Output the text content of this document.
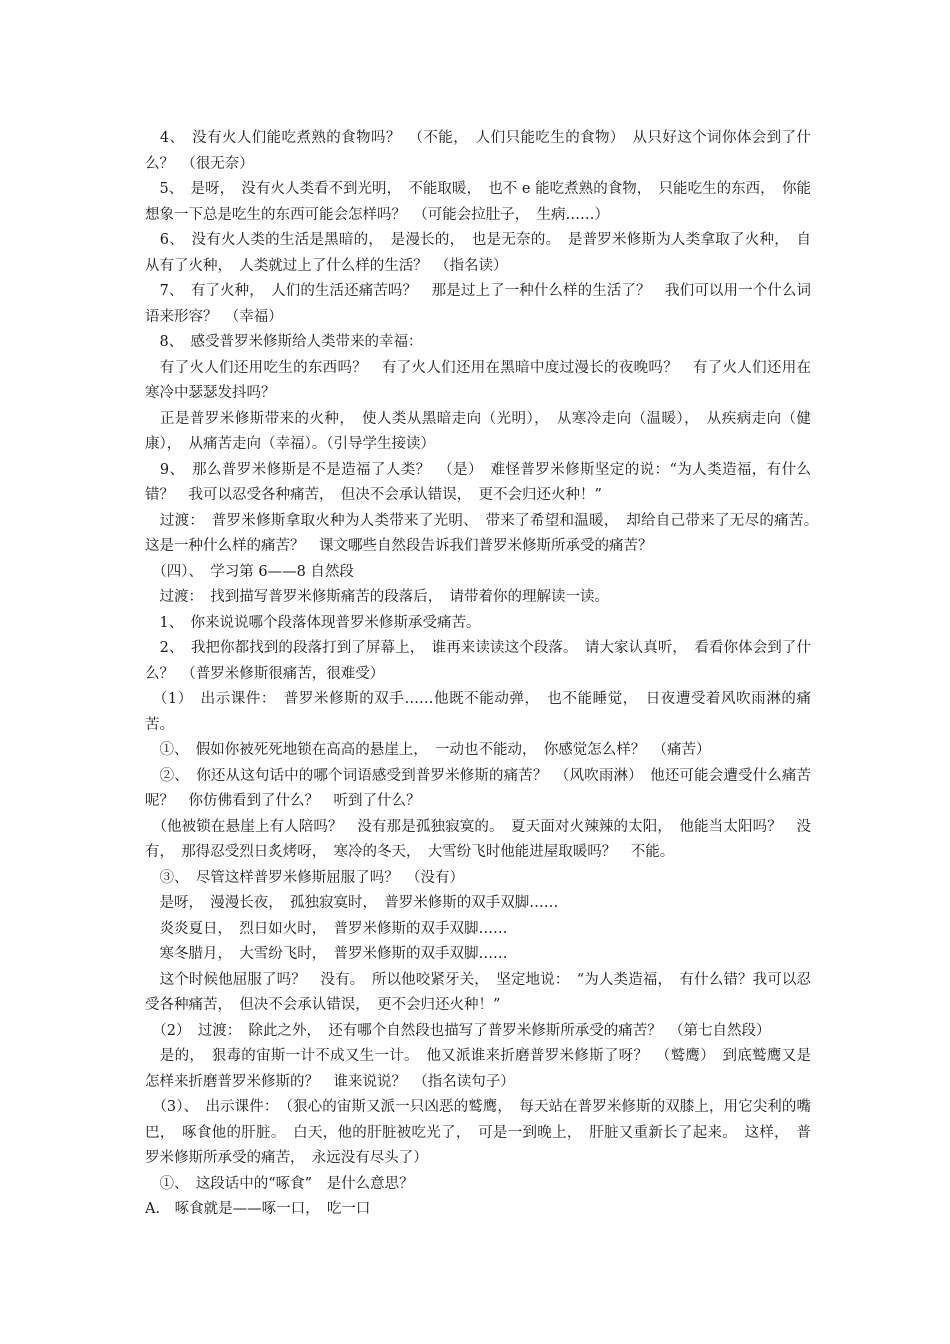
　4、　没有火人们能吃煮熟的食物吗？　（不能，　人们只能吃生的食物）　从只好这个词你体会到了什么？　（很无奈）

　5、　是呀，　没有火人类看不到光明，　不能取暖，　也不 e 能吃煮熟的食物，　只能吃生的东西，　你能想象一下总是吃生的东西可能会怎样吗？　（可能会拉肚子，　生病……）

　6、　没有火人类的生活是黑暗的，　是漫长的，　也是无奈的。　是普罗米修斯为人类拿取了火种，　自从有了火种，　人类就过上了什么样的生活？　（指名读）

　7、　有了火种，　人们的生活还痛苦吗？　那是过上了一种什么样的生活了？　我们可以用一个什么词语来形容？　（幸福）

　8、　感受普罗米修斯给人类带来的幸福：

　有了火人们还用吃生的东西吗？　有了火人们还用在黑暗中度过漫长的夜晚吗？　有了火人们还用在寒冷中瑟瑟发抖吗？

　正是普罗米修斯带来的火种，　使人类从黑暗走向（光明），　从寒冷走向（温暖），　从疾病走向（健康），　从痛苦走向（幸福）。（引导学生接读）

　9、　那么普罗米修斯是不是造福了人类？　（是）　难怪普罗米修斯坚定的说：“为人类造福，有什么错？　我可以忍受各种痛苦，　但决不会承认错误，　更不会归还火种！”

　过渡：　普罗米修斯拿取火种为人类带来了光明、　带来了希望和温暖，　却给自己带来了无尽的痛苦。　这是一种什么样的痛苦？　课文哪些自然段告诉我们普罗米修斯所承受的痛苦？

　（四）、　学习第 6——8 自然段

　过渡：　找到描写普罗米修斯痛苦的段落后，　请带着你的理解读一读。

　1、　你来说说哪个段落体现普罗米修斯承受痛苦。

　2、　我把你都找到的段落打到了屏幕上，　谁再来读读这个段落。　请大家认真听，　看看你体会到了什么？　（普罗米修斯很痛苦，很难受）

　（1）　出示课件：　普罗米修斯的双手……他既不能动弹，　也不能睡觉，　日夜遭受着风吹雨淋的痛苦。

　①、　假如你被死死地锁在高高的悬崖上，　一动也不能动，　你感觉怎么样？　（痛苦）

　②、　你还从这句话中的哪个词语感受到普罗米修斯的痛苦？　（风吹雨淋）　他还可能会遭受什么痛苦呢？　你仿佛看到了什么？　听到了什么？

　（他被锁在悬崖上有人陪吗？　没有那是孤独寂寞的。　夏天面对火辣辣的太阳，　他能当太阳吗？　没有，　那得忍受烈日炙烤呀，　寒冷的冬天，　大雪纷飞时他能进屋取暖吗？　不能。

　③、　尽管这样普罗米修斯屈服了吗？　（没有）

　是呀，　漫漫长夜，　孤独寂寞时，　普罗米修斯的双手双脚……

　炎炎夏日，　烈日如火时，　普罗米修斯的双手双脚……

　寒冬腊月，　大雪纷飞时，　普罗米修斯的双手双脚……

　这个时候他屈服了吗？　没有。　所以他咬紧牙关，　坚定地说：　“为人类造福，　有什么错？我可以忍受各种痛苦，　但决不会承认错误，　更不会归还火种！”

　（2）　过渡：　除此之外，　还有哪个自然段也描写了普罗米修斯所承受的痛苦？　（第七自然段）

　是的，　狠毒的宙斯一计不成又生一计。　他又派谁来折磨普罗米修斯了呀？　（鹫鹰）　到底鹫鹰又是怎样来折磨普罗米修斯的？　谁来说说？　（指名读句子）

　（3）、　出示课件：　（狠心的宙斯又派一只凶恶的鹫鹰，　每天站在普罗米修斯的双膝上，用它尖利的嘴巴，　啄食他的肝脏。　白天，他的肝脏被吃光了，　可是一到晚上，　肝脏又重新长了起来。　这样，　普罗米修斯所承受的痛苦，　永远没有尽头了）

　①、　这段话中的“啄食”　是什么意思？

A.　啄食就是——啄一口，　吃一口
